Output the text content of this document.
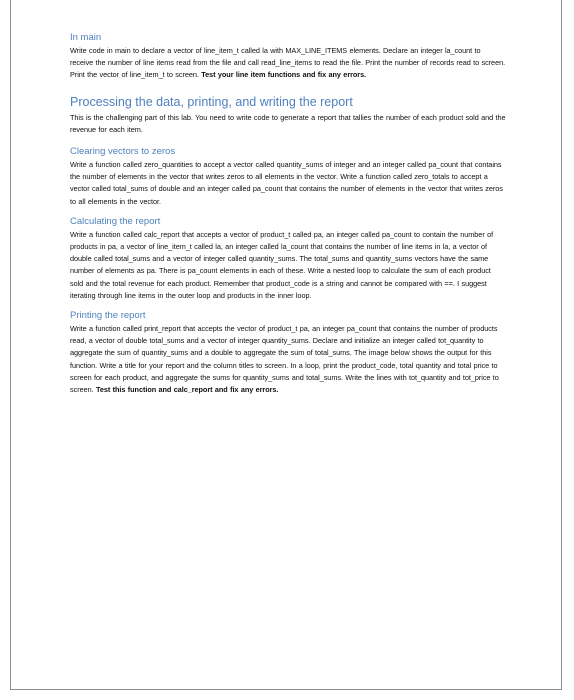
In main

Write code in main to declare a vector of line_item_t called la with MAX_LINE_ITEMS elements. Declare an integer la_count to receive the number of line items read from the file and call read_line_items to read the file. Print the number of records read to screen. Print the vector of line_item_t to screen. Test your line item functions and fix any errors.

Processing the data, printing, and writing the report

This is the challenging part of this lab. You need to write code to generate a report that tallies the number of each product sold and the revenue for each item.

Clearing vectors to zeros

Write a function called zero_quantities to accept a vector called quantity_sums of integer and an integer called pa_count that contains the number of elements in the vector that writes zeros to all elements in the vector. Write a function called zero_totals to accept a vector called total_sums of double and an integer called pa_count that contains the number of elements in the vector that writes zeros to all elements in the vector.

Calculating the report

Write a function called calc_report that accepts a vector of product_t called pa, an integer called pa_count to contain the number of products in pa, a vector of line_item_t called la, an integer called la_count that contains the number of line items in la, a vector of double called total_sums and a vector of integer called quantity_sums. The total_sums and quantity_sums vectors have the same number of elements as pa. There is pa_count elements in each of these. Write a nested loop to calculate the sum of each product sold and the total revenue for each product. Remember that product_code is a string and cannot be compared with ==. I suggest iterating through line items in the outer loop and products in the inner loop.

Printing the report

Write a function called print_report that accepts the vector of product_t pa, an integer pa_count that contains the number of products read, a vector of double total_sums and a vector of integer quantity_sums. Declare and initialize an integer called tot_quantity to aggregate the sum of quantity_sums and a double to aggregate the sum of total_sums. The image below shows the output for this function. Write a title for your report and the column titles to screen. In a loop, print the product_code, total quantity and total price to screen for each product, and aggregate the sums for quantity_sums and total_sums. Write the lines with tot_quantity and tot_price to screen. Test this function and calc_report and fix any errors.
